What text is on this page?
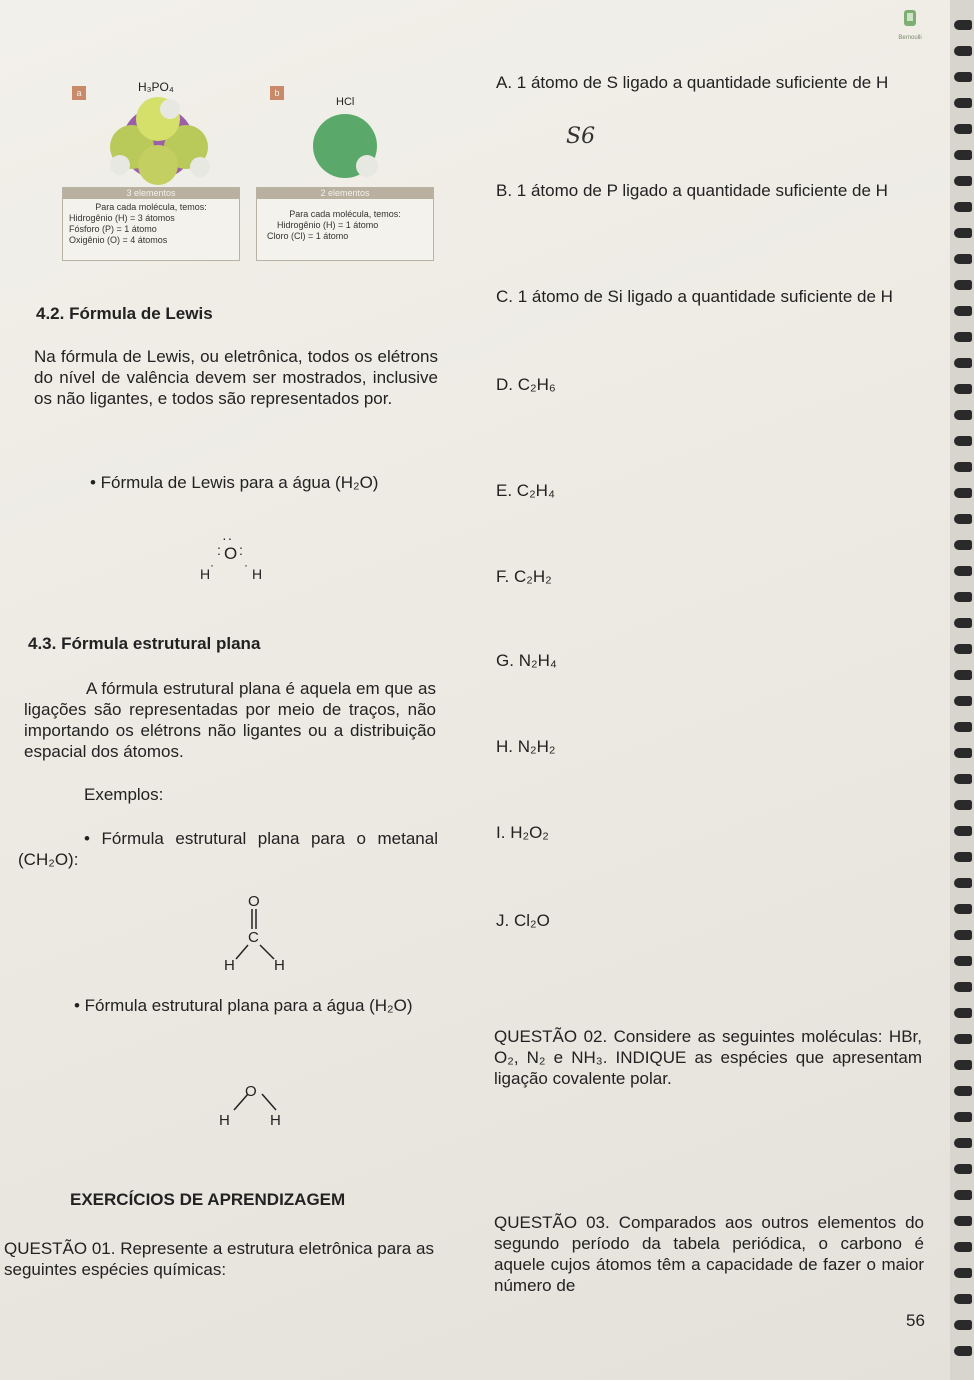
Bernoulli
a	H₃PO₄
3 elementos
Para cada molécula, temos:
Hidrogênio (H) = 3 átomos
Fósforo (P) = 1 átomo
Oxigênio (O) = 4 átomos
b
HCl
2 elementos
Para cada molécula, temos:
Hidrogênio (H) = 1 átomo
Cloro (Cl) = 1 átomo
4.2. Fórmula de Lewis
Na fórmula de Lewis, ou eletrônica, todos os elétrons do nível de valência devem ser mostrados, inclusive os não ligantes, e todos são representados por.
• Fórmula de Lewis para a água (H₂O)
O
··
: :
H
·
H
·
4.3. Fórmula estrutural plana
A fórmula estrutural plana é aquela em que as ligações são representadas por meio de traços, não importando os elétrons não ligantes ou a distribuição espacial dos átomos.
Exemplos:
• Fórmula estrutural plana para o metanal (CH₂O):
O
C
H	H
• Fórmula estrutural plana para a água (H₂O)
O
H	H
EXERCÍCIOS DE APRENDIZAGEM
QUESTÃO 01. Represente a estrutura eletrônica para as seguintes espécies químicas:
A. 1 átomo de S ligado a quantidade suficiente de H
S6
B. 1 átomo de P ligado a quantidade suficiente de H
C. 1 átomo de Si ligado a quantidade suficiente de H
D. C₂H₆
E. C₂H₄
F. C₂H₂
G. N₂H₄
H. N₂H₂
I. H₂O₂
J. Cl₂O
QUESTÃO 02. Considere as seguintes moléculas: HBr, O₂, N₂ e NH₃. INDIQUE as espécies que apresentam ligação covalente polar.
QUESTÃO 03. Comparados aos outros elementos do segundo período da tabela periódica, o carbono é aquele cujos átomos têm a capacidade de fazer o maior número de
56
